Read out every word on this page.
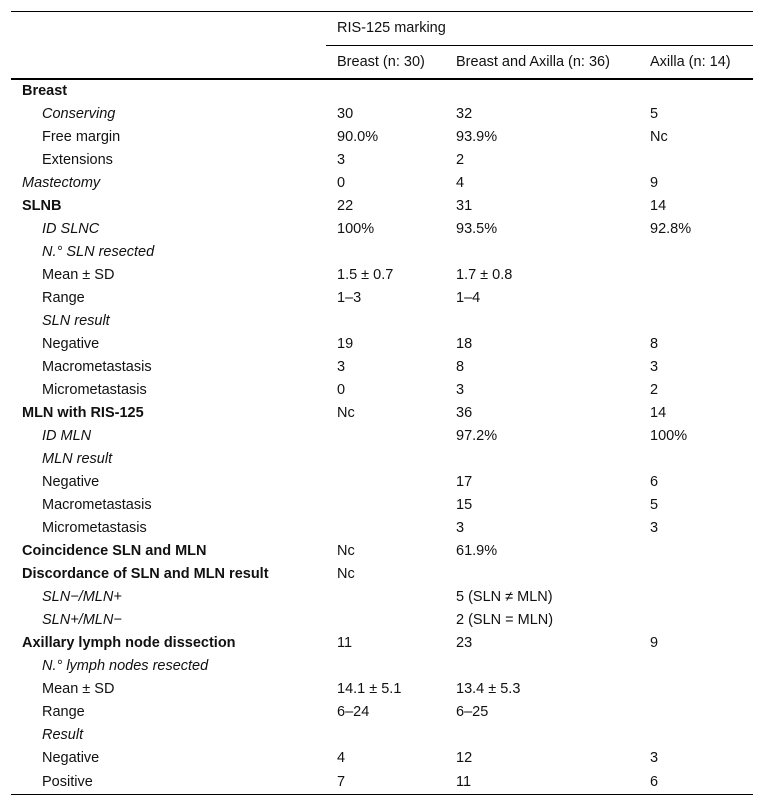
	RIS-125 marking		
	Breast (n: 30)	Breast and Axilla (n: 36)	Axilla (n: 14)
Breast			
Conserving	30	32	5
Free margin	90.0%	93.9%	Nc
Extensions	3	2	
Mastectomy	0	4	9
SLNB	22	31	14
ID SLNC	100%	93.5%	92.8%
N.° SLN resected			
Mean ± SD	1.5 ± 0.7	1.7 ± 0.8	
Range	1–3	1–4	
SLN result			
Negative	19	18	8
Macrometastasis	3	8	3
Micrometastasis	0	3	2
MLN with RIS-125	Nc	36	14
ID MLN		97.2%	100%
MLN result			
Negative		17	6
Macrometastasis		15	5
Micrometastasis		3	3
Coincidence SLN and MLN	Nc	61.9%	
Discordance of SLN and MLN result	Nc		
SLN−/MLN+		5 (SLN ≠ MLN)	
SLN+/MLN−		2 (SLN = MLN)	
Axillary lymph node dissection	11	23	9
N.° lymph nodes resected			
Mean ± SD	14.1 ± 5.1	13.4 ± 5.3	
Range	6–24	6–25	
Result			
Negative	4	12	3
Positive	7	11	6
